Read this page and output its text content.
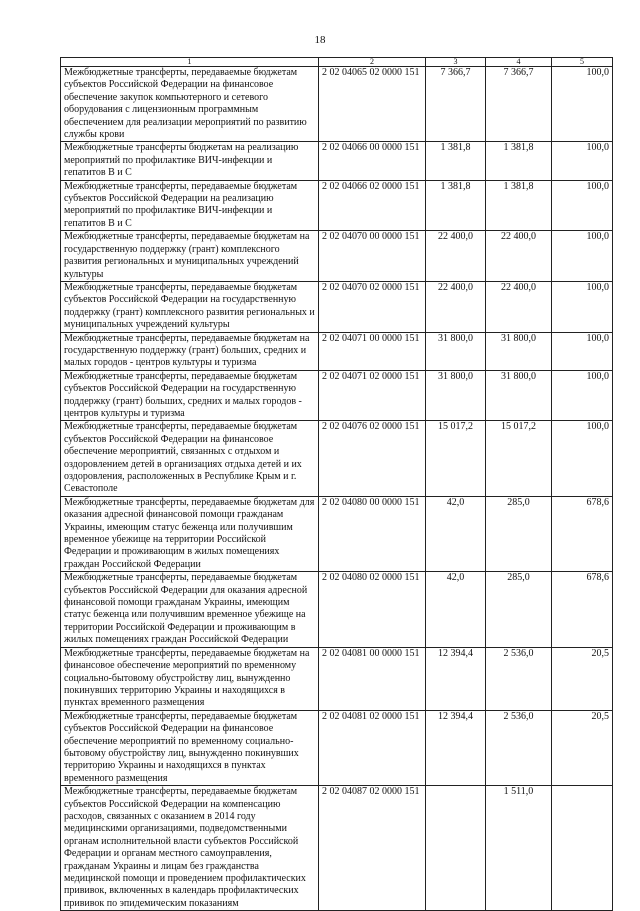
18
1	2	3	4	5
Межбюджетные трансферты, передаваемые бюджетам субъектов Российской Федерации на финансовое обеспечение закупок компьютерного и сетевого оборудования с лицензионным программным обеспечением для реализации мероприятий по развитию службы крови	2 02 04065 02 0000 151	7 366,7	7 366,7	100,0
Межбюджетные трансферты бюджетам на реализацию мероприятий по профилактике ВИЧ-инфекции и гепатитов В и С	2 02 04066 00 0000 151	1 381,8	1 381,8	100,0
Межбюджетные трансферты, передаваемые бюджетам субъектов Российской Федерации на реализацию мероприятий по профилактике ВИЧ-инфекции и гепатитов В и С	2 02 04066 02 0000 151	1 381,8	1 381,8	100,0
Межбюджетные трансферты, передаваемые бюджетам на государственную поддержку (грант) комплексного развития региональных и муниципальных учреждений культуры	2 02 04070 00 0000 151	22 400,0	22 400,0	100,0
Межбюджетные трансферты, передаваемые бюджетам субъектов Российской Федерации на государственную поддержку (грант) комплексного развития региональных и муниципальных учреждений культуры	2 02 04070 02 0000 151	22 400,0	22 400,0	100,0
Межбюджетные трансферты, передаваемые бюджетам на государственную поддержку (грант) больших, средних и малых городов - центров культуры и туризма	2 02 04071 00 0000 151	31 800,0	31 800,0	100,0
Межбюджетные трансферты, передаваемые бюджетам субъектов Российской Федерации на государственную поддержку (грант) больших, средних и малых городов - центров культуры и туризма	2 02 04071 02 0000 151	31 800,0	31 800,0	100,0
Межбюджетные трансферты, передаваемые бюджетам субъектов Российской Федерации на финансовое обеспечение мероприятий, связанных с отдыхом и оздоровлением детей в организациях отдыха детей и их оздоровления, расположенных в Республике Крым и г. Севастополе	2 02 04076 02 0000 151	15 017,2	15 017,2	100,0
Межбюджетные трансферты, передаваемые бюджетам для оказания адресной финансовой помощи гражданам Украины, имеющим статус беженца или получившим временное убежище на территории Российской Федерации и проживающим в жилых помещениях граждан Российской Федерации	2 02 04080 00 0000 151	42,0	285,0	678,6
Межбюджетные трансферты, передаваемые бюджетам субъектов Российской Федерации для оказания адресной финансовой помощи гражданам Украины, имеющим статус беженца или получившим временное убежище на территории Российской Федерации и проживающим в жилых помещениях граждан Российской Федерации	2 02 04080 02 0000 151	42,0	285,0	678,6
Межбюджетные трансферты, передаваемые бюджетам на финансовое обеспечение мероприятий по временному социально-бытовому обустройству лиц, вынужденно покинувших территорию Украины и находящихся в пунктах временного размещения	2 02 04081 00 0000 151	12 394,4	2 536,0	20,5
Межбюджетные трансферты, передаваемые бюджетам субъектов Российской Федерации на финансовое обеспечение мероприятий по временному социально-бытовому обустройству лиц, вынужденно покинувших территорию Украины и находящихся в пунктах временного размещения	2 02 04081 02 0000 151	12 394,4	2 536,0	20,5
Межбюджетные трансферты, передаваемые бюджетам субъектов Российской Федерации на компенсацию расходов, связанных с оказанием в 2014 году медицинскими организациями, подведомственными органам исполнительной власти субъектов Российской Федерации и органам местного самоуправления, гражданам Украины и лицам без гражданства медицинской помощи и проведением профилактических прививок, включенных в календарь профилактических прививок по эпидемическим показаниям	2 02 04087 02 0000 151		1 511,0	
